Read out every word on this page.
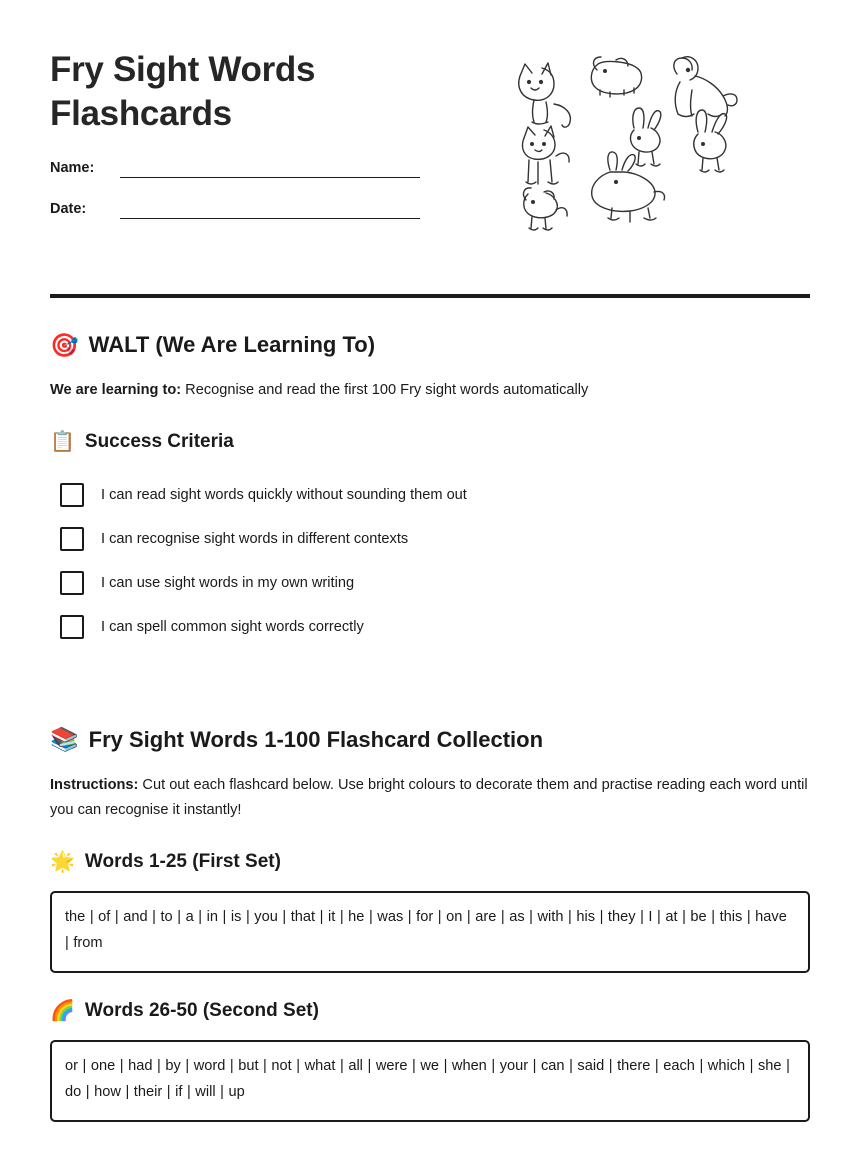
Fry Sight Words Flashcards
Name:
Date:
🎯 WALT (We Are Learning To)

We are learning to: Recognise and read the first 100 Fry sight words automatically

📋 Success Criteria
I can read sight words quickly without sounding them out
I can recognise sight words in different contexts
I can use sight words in my own writing
I can spell common sight words correctly
📚 Fry Sight Words 1-100 Flashcard Collection

Instructions: Cut out each flashcard below. Use bright colours to decorate them and practise reading each word until you can recognise it instantly!

🌟 Words 1-25 (First Set)
the | of | and | to | a | in | is | you | that | it | he | was | for | on | are | as | with | his | they | I | at | be | this | have | from
🌈 Words 26-50 (Second Set)
or | one | had | by | word | but | not | what | all | were | we | when | your | can | said | there | each | which | she | do | how | their | if | will | up
